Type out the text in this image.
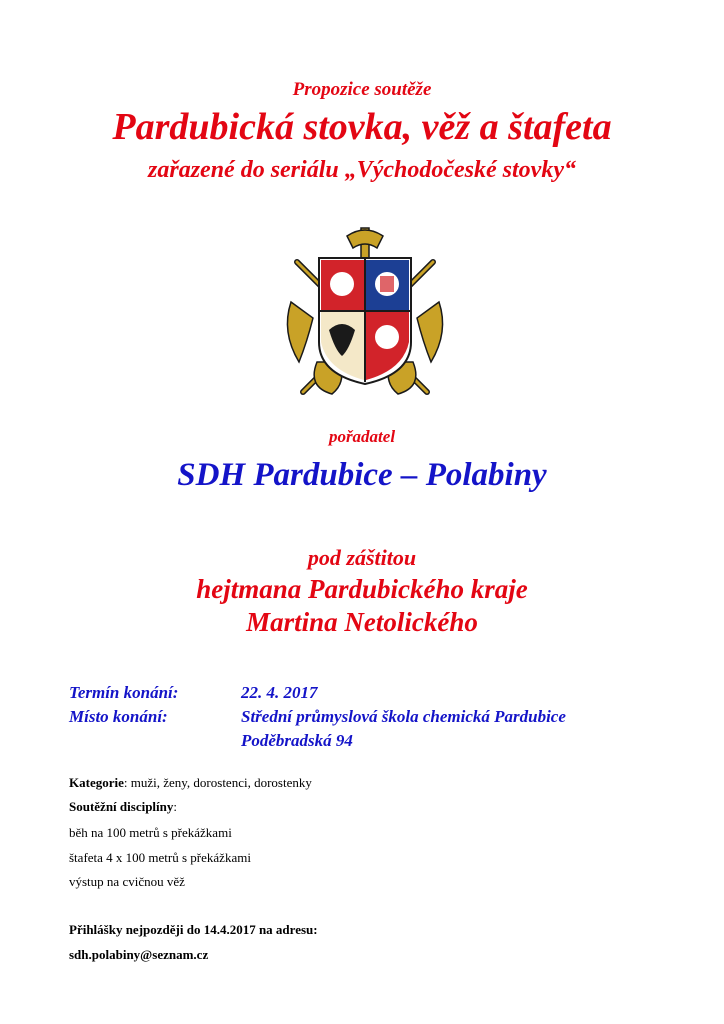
Propozice soutěže
Pardubická stovka, věž a štafeta
zařazené do seriálu „Východočeské stovky“
pořadatel
SDH Pardubice – Polabiny
pod záštitou
hejtmana Pardubického kraje
Martina Netolického
Termín konání:	22. 4. 2017
Místo konání:	Střední průmyslová škola chemická Pardubice
Poděbradská 94
Kategorie: muži, ženy, dorostenci, dorostenky
Soutěžní disciplíny:
běh na 100 metrů s překážkami
štafeta 4 x 100 metrů s překážkami
výstup na cvičnou věž
Přihlášky nejpozději do 14.4.2017 na adresu:
sdh.polabiny@seznam.cz
